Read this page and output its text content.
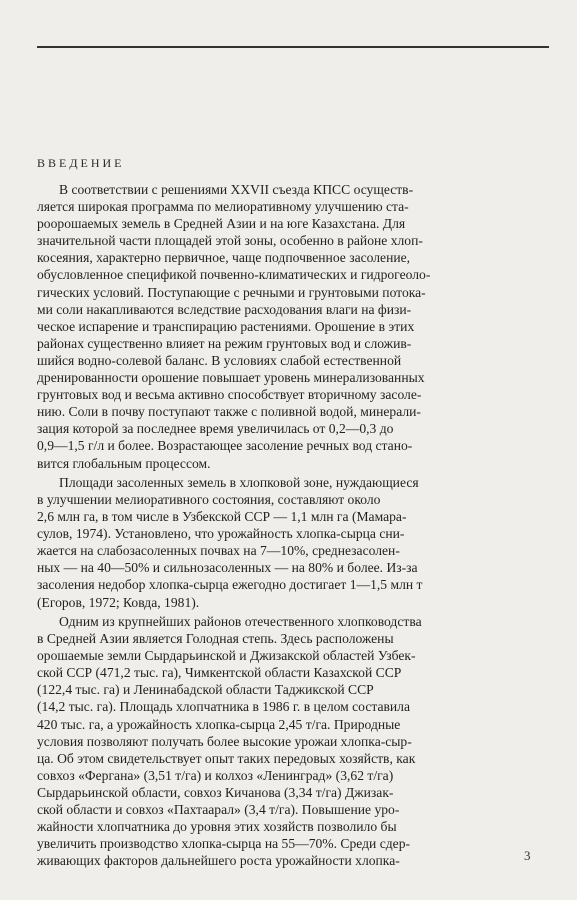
ВВЕДЕНИЕ
В соответствии с решениями XXVII съезда КПСС осуществ-
ляется широкая программа по мелиоративному улучшению ста-
роорошаемых земель в Средней Азии и на юге Казахстана. Для
значительной части площадей этой зоны, особенно в районе хлоп-
косеяния, характерно первичное, чаще подпочвенное засоление,
обусловленное спецификой почвенно-климатических и гидрогеоло-
гических условий. Поступающие с речными и грунтовыми потока-
ми соли накапливаются вследствие расходования влаги на физи-
ческое испарение и транспирацию растениями. Орошение в этих
районах существенно влияет на режим грунтовых вод и сложив-
шийся водно-солевой баланс. В условиях слабой естественной
дренированности орошение повышает уровень минерализованных
грунтовых вод и весьма активно способствует вторичному засоле-
нию. Соли в почву поступают также с поливной водой, минерали-
зация которой за последнее время увеличилась от 0,2—0,3 до
0,9—1,5 г/л и более. Возрастающее засоление речных вод стано-
вится глобальным процессом.
Площади засоленных земель в хлопковой зоне, нуждающиеся
в улучшении мелиоративного состояния, составляют около
2,6 млн га, в том числе в Узбекской ССР — 1,1 млн га (Мамара-
сулов, 1974). Установлено, что урожайность хлопка-сырца сни-
жается на слабозасоленных почвах на 7—10%, среднезасолен-
ных — на 40—50% и сильнозасоленных — на 80% и более. Из-за
засоления недобор хлопка-сырца ежегодно достигает 1—1,5 млн т
(Егоров, 1972; Ковда, 1981).
Одним из крупнейших районов отечественного хлопководства
в Средней Азии является Голодная степь. Здесь расположены
орошаемые земли Сырдарьинской и Джизакской областей Узбек-
ской ССР (471,2 тыс. га), Чимкентской области Казахской ССР
(122,4 тыс. га) и Ленинабадской области Таджикской ССР
(14,2 тыс. га). Площадь хлопчатника в 1986 г. в целом составила
420 тыс. га, а урожайность хлопка-сырца 2,45 т/га. Природные
условия позволяют получать более высокие урожаи хлопка-сыр-
ца. Об этом свидетельствует опыт таких передовых хозяйств, как
совхоз «Фергана» (3,51 т/га) и колхоз «Ленинград» (3,62 т/га)
Сырдарьинской области, совхоз Кичанова (3,34 т/га) Джизак-
ской области и совхоз «Пахтаарал» (3,4 т/га). Повышение уро-
жайности хлопчатника до уровня этих хозяйств позволило бы
увеличить производство хлопка-сырца на 55—70%. Среди сдер-
живающих факторов дальнейшего роста урожайности хлопка-	3
